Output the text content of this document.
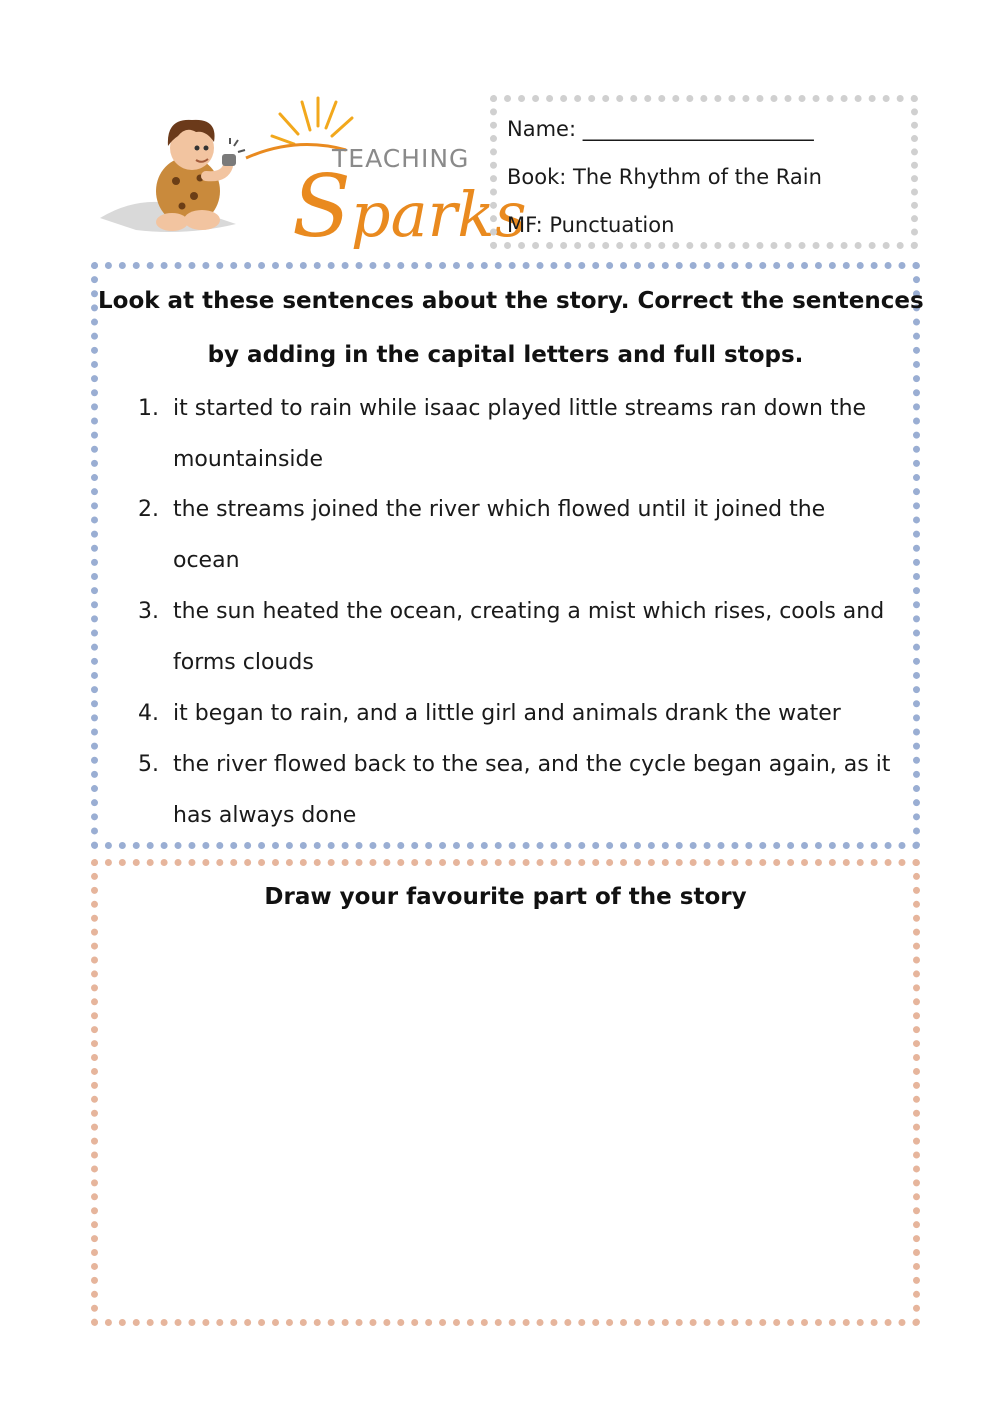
TEACHING
Sparks
Name: ______________________
Book: The Rhythm of the Rain
MF: Punctuation
Look at these sentences about the story. Correct the sentences
by adding in the capital letters and full stops.
1. it started to rain while isaac played little streams ran down the
mountainside
2. the streams joined the river which flowed until it joined the
ocean
3. the sun heated the ocean, creating a mist which rises, cools and
forms clouds
4. it began to rain, and a little girl and animals drank the water
5. the river flowed back to the sea, and the cycle began again, as it
has always done
Draw your favourite part of the story
